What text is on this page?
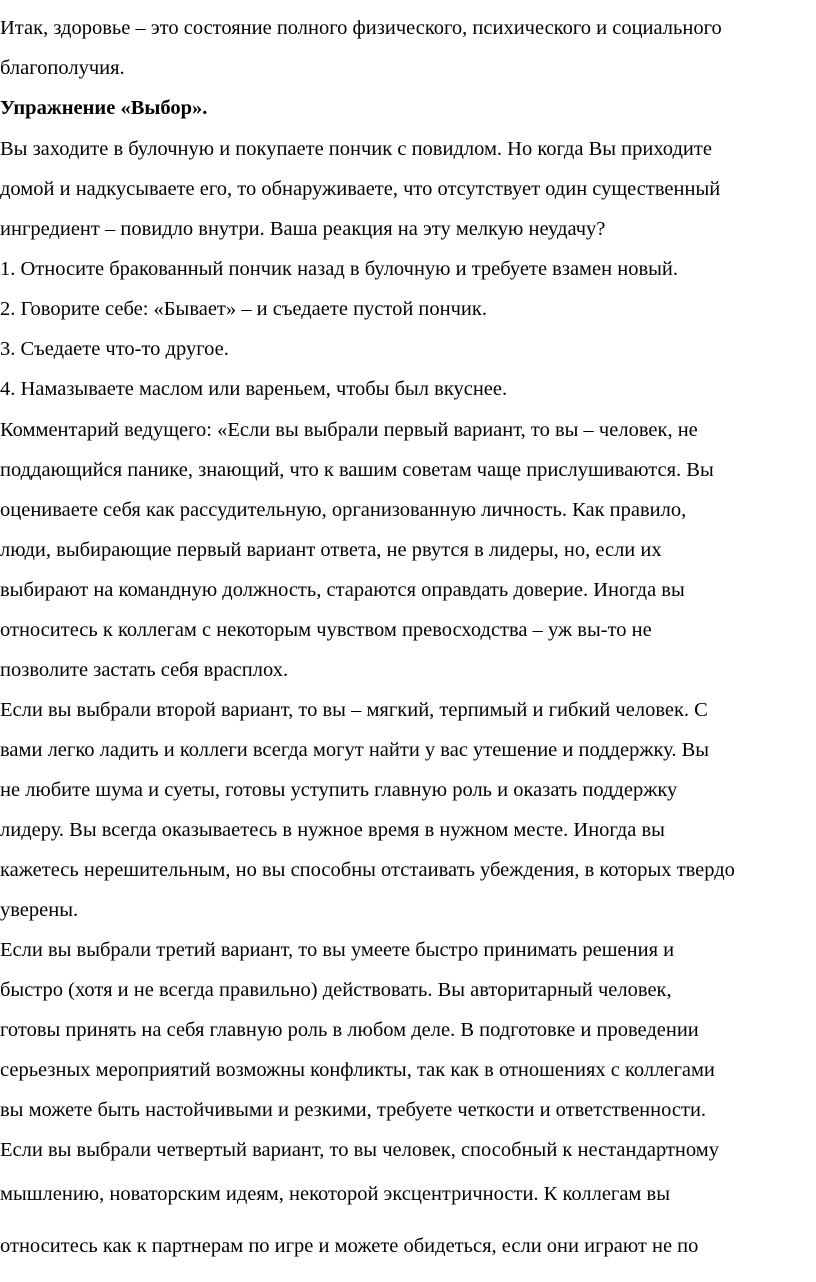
Итак, здоровье – это состояние полного физического, психического и социального
благополучия.
Упражнение «Выбор».
Вы заходите в булочную и покупаете пончик с повидлом. Но когда Вы приходите
домой и надкусываете его, то обнаруживаете, что отсутствует один существенный
ингредиент – повидло внутри. Ваша реакция на эту мелкую неудачу?
1. Относите бракованный пончик назад в булочную и требуете взамен новый.
2. Говорите себе: «Бывает» – и съедаете пустой пончик.
3. Съедаете что-то другое.
4. Намазываете маслом или вареньем, чтобы был вкуснее.
Комментарий ведущего: «Если вы выбрали первый вариант, то вы – человек, не
поддающийся панике, знающий, что к вашим советам чаще прислушиваются. Вы
оцениваете себя как рассудительную, организованную личность. Как правило,
люди, выбирающие первый вариант ответа, не рвутся в лидеры, но, если их
выбирают на командную должность, стараются оправдать доверие. Иногда вы
относитесь к коллегам с некоторым чувством превосходства – уж вы-то не
позволите застать себя врасплох.
Если вы выбрали второй вариант, то вы – мягкий, терпимый и гибкий человек. С
вами легко ладить и коллеги всегда могут найти у вас утешение и поддержку. Вы
не любите шума и суеты, готовы уступить главную роль и оказать поддержку
лидеру. Вы всегда оказываетесь в нужное время в нужном месте. Иногда вы
кажетесь нерешительным, но вы способны отстаивать убеждения, в которых твердо
уверены.
Если вы выбрали третий вариант, то вы умеете быстро принимать решения и
быстро (хотя и не всегда правильно) действовать. Вы авторитарный человек,
готовы принять на себя главную роль в любом деле. В подготовке и проведении
серьезных мероприятий возможны конфликты, так как в отношениях с коллегами
вы можете быть настойчивыми и резкими, требуете четкости и ответственности.
Если вы выбрали четвертый вариант, то вы человек, способный к нестандартному
мышлению, новаторским идеям, некоторой эксцентричности. К коллегам вы
относитесь как к партнерам по игре и можете обидеться, если они играют не по
